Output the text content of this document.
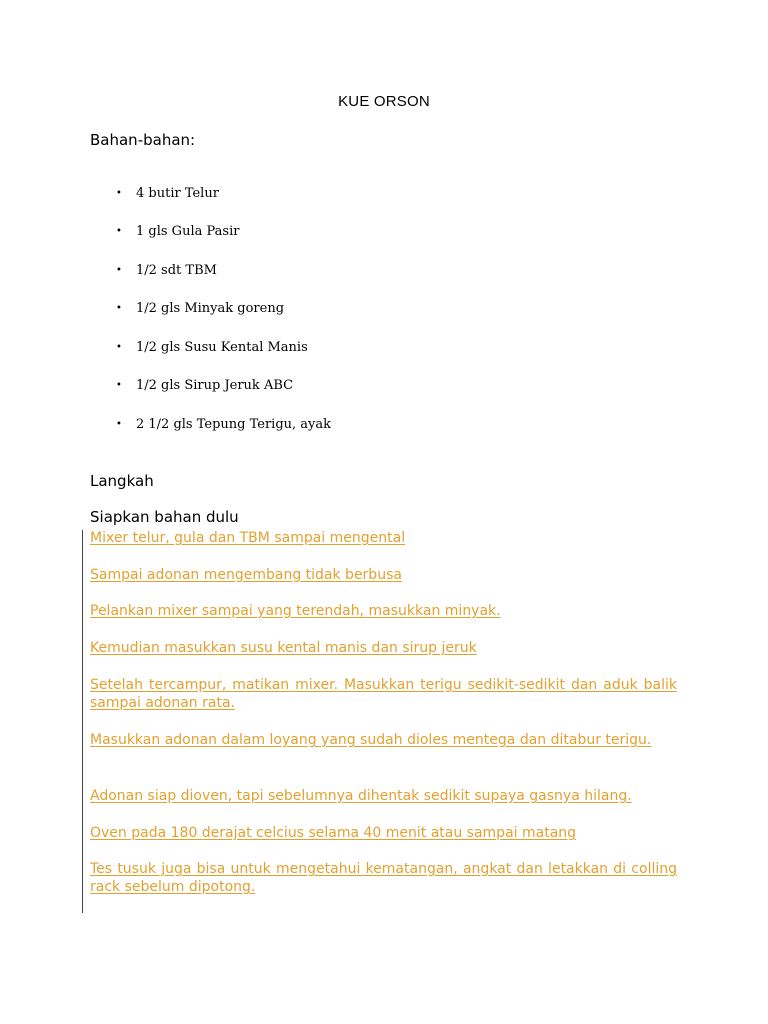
KUE ORSON
Bahan-bahan:
• 4 butir Telur
• 1 gls Gula Pasir
• 1/2 sdt TBM
• 1/2 gls Minyak goreng
• 1/2 gls Susu Kental Manis
• 1/2 gls Sirup Jeruk ABC
• 2 1/2 gls Tepung Terigu, ayak
Langkah
Siapkan bahan dulu
Mixer telur, gula dan TBM sampai mengental
Sampai adonan mengembang tidak berbusa
Pelankan mixer sampai yang terendah, masukkan minyak.
Kemudian masukkan susu kental manis dan sirup jeruk
Setelah tercampur, matikan mixer. Masukkan terigu sedikit-sedikit dan aduk balik sampai adonan rata.
Masukkan adonan dalam loyang yang sudah dioles mentega dan ditabur terigu.
Adonan siap dioven, tapi sebelumnya dihentak sedikit supaya gasnya hilang.
Oven pada 180 derajat celcius selama 40 menit atau sampai matang
Tes tusuk juga bisa untuk mengetahui kematangan, angkat dan letakkan di colling rack sebelum dipotong.
